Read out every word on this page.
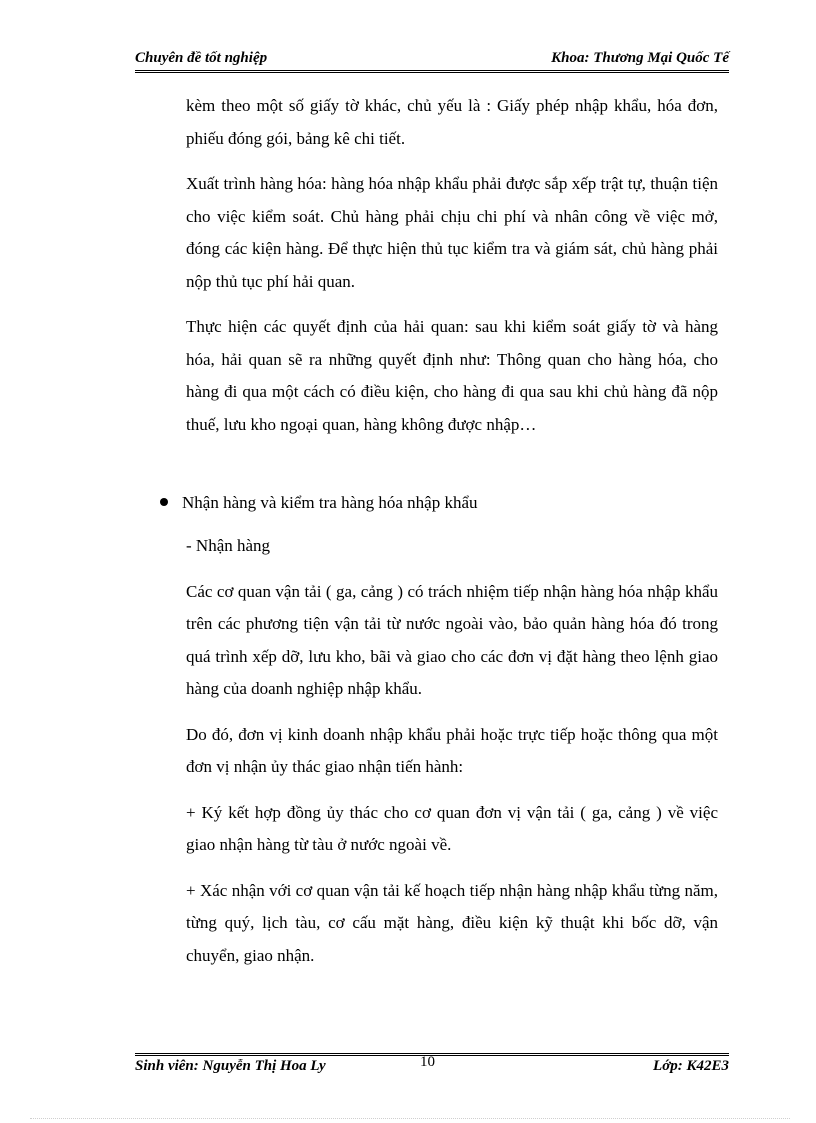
Chuyên đề tốt nghiệp	Khoa: Thương Mại Quốc Tế

kèm theo một số giấy tờ khác, chủ yếu là : Giấy phép nhập khẩu, hóa đơn, phiếu đóng gói, bảng kê chi tiết.

Xuất trình hàng hóa: hàng hóa nhập khẩu phải được sắp xếp trật tự, thuận tiện cho việc kiểm soát. Chủ hàng phải chịu chi phí và nhân công về việc mở, đóng các kiện hàng. Để thực hiện thủ tục kiểm tra và giám sát, chủ hàng phải nộp thủ tục phí hải quan.

Thực hiện các quyết định của hải quan: sau khi kiểm soát giấy tờ và hàng hóa, hải quan sẽ ra những quyết định như: Thông quan cho hàng hóa, cho hàng đi qua một cách có điều kiện, cho hàng đi qua sau khi chủ hàng đã nộp thuế, lưu kho ngoại quan, hàng không được nhập…

Nhận hàng và kiểm tra hàng hóa nhập khẩu

- Nhận hàng

Các cơ quan vận tải ( ga, cảng ) có trách nhiệm tiếp nhận hàng hóa nhập khẩu trên các phương tiện vận tải từ nước ngoài vào, bảo quản hàng hóa đó trong quá trình xếp dỡ, lưu kho, bãi và giao cho các đơn vị đặt hàng theo lệnh giao hàng của doanh nghiệp nhập khẩu.

Do đó, đơn vị kinh doanh nhập khẩu phải hoặc trực tiếp hoặc thông qua một đơn vị nhận ủy thác giao nhận tiến hành:

+ Ký kết hợp đồng ủy thác cho cơ quan đơn vị vận tải ( ga, cảng ) về việc giao nhận hàng từ tàu ở nước ngoài về.

+ Xác nhận với cơ quan vận tải kế hoạch tiếp nhận hàng nhập khẩu từng năm, từng quý, lịch tàu, cơ cấu mặt hàng, điều kiện kỹ thuật khi bốc dỡ, vận chuyển, giao nhận.

Sinh viên: Nguyễn Thị Hoa Ly	10	Lớp: K42E3
